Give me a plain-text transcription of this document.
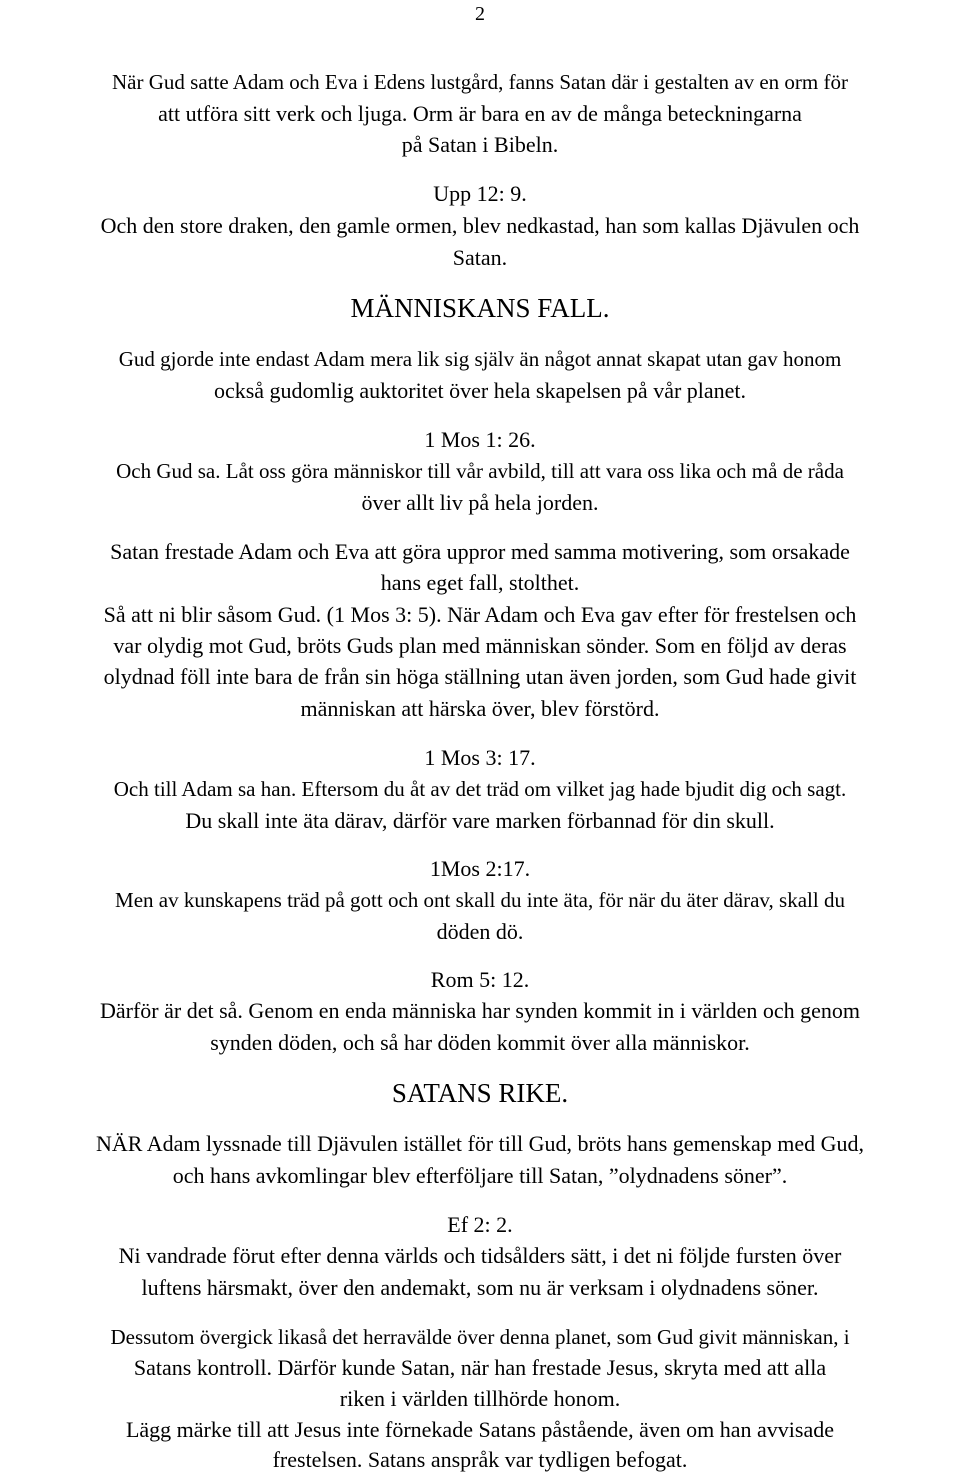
2
När Gud satte Adam och Eva i Edens lustgård, fanns Satan där i gestalten av en orm för
att utföra sitt verk och ljuga. Orm är bara en av de många beteckningarna
på Satan i Bibeln.
Upp 12: 9.
Och den store draken, den gamle ormen, blev nedkastad, han som kallas Djävulen och
Satan.
MÄNNISKANS FALL.
Gud gjorde inte endast Adam mera lik sig själv än något annat skapat utan gav honom
också gudomlig auktoritet över hela skapelsen på vår planet.
1 Mos 1: 26.
Och Gud sa. Låt oss göra människor till vår avbild, till att vara oss lika och må de råda
över allt liv på hela jorden.
Satan frestade Adam och Eva att göra uppror med samma motivering, som orsakade
hans eget fall, stolthet.
Så att ni blir såsom Gud. (1 Mos 3: 5). När Adam och Eva gav efter för frestelsen och
var olydig mot Gud, bröts Guds plan med människan sönder. Som en följd av deras
olydnad föll inte bara de från sin höga ställning utan även jorden, som Gud hade givit
människan att härska över, blev förstörd.
1 Mos 3: 17.
Och till Adam sa han. Eftersom du åt av det träd om vilket jag hade bjudit dig och sagt.
Du skall inte äta därav, därför vare marken förbannad för din skull.
1Mos 2:17.
Men av kunskapens träd på gott och ont skall du inte äta, för när du äter därav, skall du
döden dö.
Rom 5: 12.
Därför är det så. Genom en enda människa har synden kommit in i världen och genom
synden döden, och så har döden kommit över alla människor.
SATANS RIKE.
NÄR Adam lyssnade till Djävulen istället för till Gud, bröts hans gemenskap med Gud,
och hans avkomlingar blev efterföljare till Satan, ”olydnadens söner”.
Ef 2: 2.
Ni vandrade förut efter denna världs och tidsålders sätt, i det ni följde fursten över
luftens härsmakt, över den andemakt, som nu är verksam i olydnadens söner.
Dessutom övergick likaså det herravälde över denna planet, som Gud givit människan, i
Satans kontroll. Därför kunde Satan, när han frestade Jesus, skryta med att alla
riken i världen tillhörde honom.
Lägg märke till att Jesus inte förnekade Satans påstående, även om han avvisade
frestelsen. Satans anspråk var tydligen befogat.
